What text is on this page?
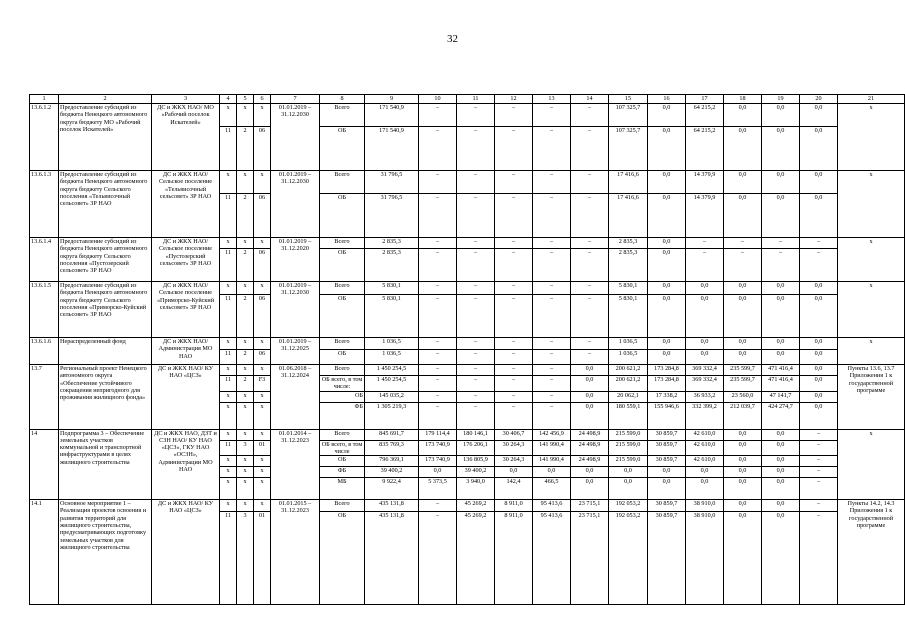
32
1	2	3	4	5	6	7	8	9	10	11	12	13	14	15	16	17	18	19	20	21
13.6.1.2	Предоставление субсидий из бюджета Ненецкого автономного округа бюджету МО «Рабочий поселок Искателей»	ДС и ЖКХ НАО/ МО «Рабочий поселок Искателей»	x	x	x	01.01.2019 – 31.12.2030	Всего	171 540,9	–	–	–	–	–	107 325,7	0,0	64 215,2	0,0	0,0	0,0	x
			11	2	06		ОБ	171 540,9	–	–	–	–	–	107 325,7	0,0	64 215,2	0,0	0,0	0,0	
13.6.1.3	Предоставление субсидий из бюджета Ненецкого автономного округа бюджету Сельского поселения «Тельвисочный сельсовет» ЗР НАО	ДС и ЖКХ НАО/ Сельское поселение «Тельвисочный сельсовет» ЗР НАО	x	x	x	01.01.2019 – 31.12.2030	Всего	31 796,5	–	–	–	–	–	17 416,6	0,0	14 379,9	0,0	0,0	0,0	x
			11	2	06		ОБ	31 796,5	–	–	–	–	–	17 416,6	0,0	14 379,9	0,0	0,0	0,0	
13.6.1.4	Предоставление субсидий из бюджета Ненецкого автономного округа бюджету Сельского поселения «Пустозерский сельсовет» ЗР НАО	ДС и ЖКХ НАО/ Сельское поселение «Пустозерский сельсовет» ЗР НАО	x	x	x	01.01.2019 – 31.12.2020	Всего	2 835,3	–	–	–	–	–	2 835,3	0,0	–	–	–	–	x
			11	2	06		ОБ	2 835,3	–	–	–	–	–	2 835,3	0,0	–	–	–	–	
13.6.1.5	Предоставление субсидий из бюджета Ненецкого автономного округа бюджету Сельского поселения «Приморско-Куйский сельсовет» ЗР НАО	ДС и ЖКХ НАО/ Сельское поселение «Приморско-Куйский сельсовет» ЗР НАО	x	x	x	01.01.2019 – 31.12.2030	Всего	5 830,1	–	–	–	–	–	5 830,1	0,0	0,0	0,0	0,0	0,0	x
			11	2	06		ОБ	5 830,1	–	–	–	–	–	5 830,1	0,0	0,0	0,0	0,0	0,0	
13.6.1.6	Нераспределенный фонд	ДС и ЖКХ НАО/ Администрация МО НАО	x	x	x	01.01.2019 – 31.12.2025	Всего	1 036,5	–	–	–	–	–	1 036,5	0,0	0,0	0,0	0,0	0,0	x
			11	2	06		ОБ	1 036,5	–	–	–	–	–	1 036,5	0,0	0,0	0,0	0,0	0,0	
13.7	Региональный проект Ненецкого автономного округа «Обеспечение устойчивого сокращения непригодного для проживания жилищного фонда»	ДС и ЖКХ НАО/ КУ НАО «ЦСЗ»	x	x	x	01.06.2018 – 31.12.2024	Всего	1 450 254,5	–	–	–	–	0,0	200 621,2	173 284,8	369 332,4	235 599,7	471 416,4	0,0	Пункты 13.6, 13.7 Приложения 1 к государственной программе
			11	2	F3		ОБ всего, в том числе:	1 450 254,5	–	–	–	–	0,0	200 621,2	173 284,8	369 332,4	235 599,7	471 416,4	0,0	
			x	x	x		ОБ	145 035,2	–	–	–	–	0,0	20 062,1	17 338,2	36 933,2	23 560,0	47 141,7	0,0	
			x	x	x		ФБ	1 305 219,3	–	–	–	–	0,0	180 559,1	155 946,6	332 399,2	212 039,7	424 274,7	0,0	
14	Подпрограмма 3 – Обеспечение земельных участков коммунальной и транспортной инфраструктурами в целях жилищного строительства	ДС и ЖКХ НАО, ДЗТ и СЗН НАО/ КУ НАО «ЦСЗ», ГКУ НАО «ОСЗН», Администрации МО НАО	x	x	x	01.01.2014 – 31.12.2023	Всего	845 691,7	179 114,4	180 146,1	30 406,7	142 456,9	24 498,9	215 599,0	30 859,7	42 610,0	0,0	0,0	–	x
			11	3	01		ОБ всего, в том числе	835 769,3	173 740,9	176 206,1	30 264,3	141 990,4	24 498,9	215 599,0	30 859,7	42 610,0	0,0	0,0	–	
			x	x	x		ОБ	796 369,1	173 740,9	136 805,9	30 264,3	141 990,4	24 498,9	215 599,0	30 859,7	42 610,0	0,0	0,0	–	
			x	x	x		ФБ	39 400,2	0,0	39 400,2	0,0	0,0	0,0	0,0	0,0	0,0	0,0	0,0	–	
			x	x	x		МБ	9 922,4	5 373,5	3 940,0	142,4	466,5	0,0	0,0	0,0	0,0	0,0	0,0	–	
14.1	Основное мероприятие 1 – Реализация проектов освоения и развития территорий для жилищного строительства, предусматривающих подготовку земельных участков для жилищного строительства	ДС и ЖКХ НАО/ КУ НАО «ЦСЗ»	x	x	x	01.01.2015 – 31.12.2023	Всего	435 131,8	–	45 269,2	8 911,0	95 413,6	23 715,1	192 053,2	30 859,7	38 910,0	0,0	0,0	–	Пункты 14.2, 14.3 Приложения 1 к государственной программе
			11	3	01		ОБ	435 131,8	–	45 269,2	8 911,0	95 413,6	23 715,1	192 053,2	30 859,7	38 910,0	0,0	0,0	–	
